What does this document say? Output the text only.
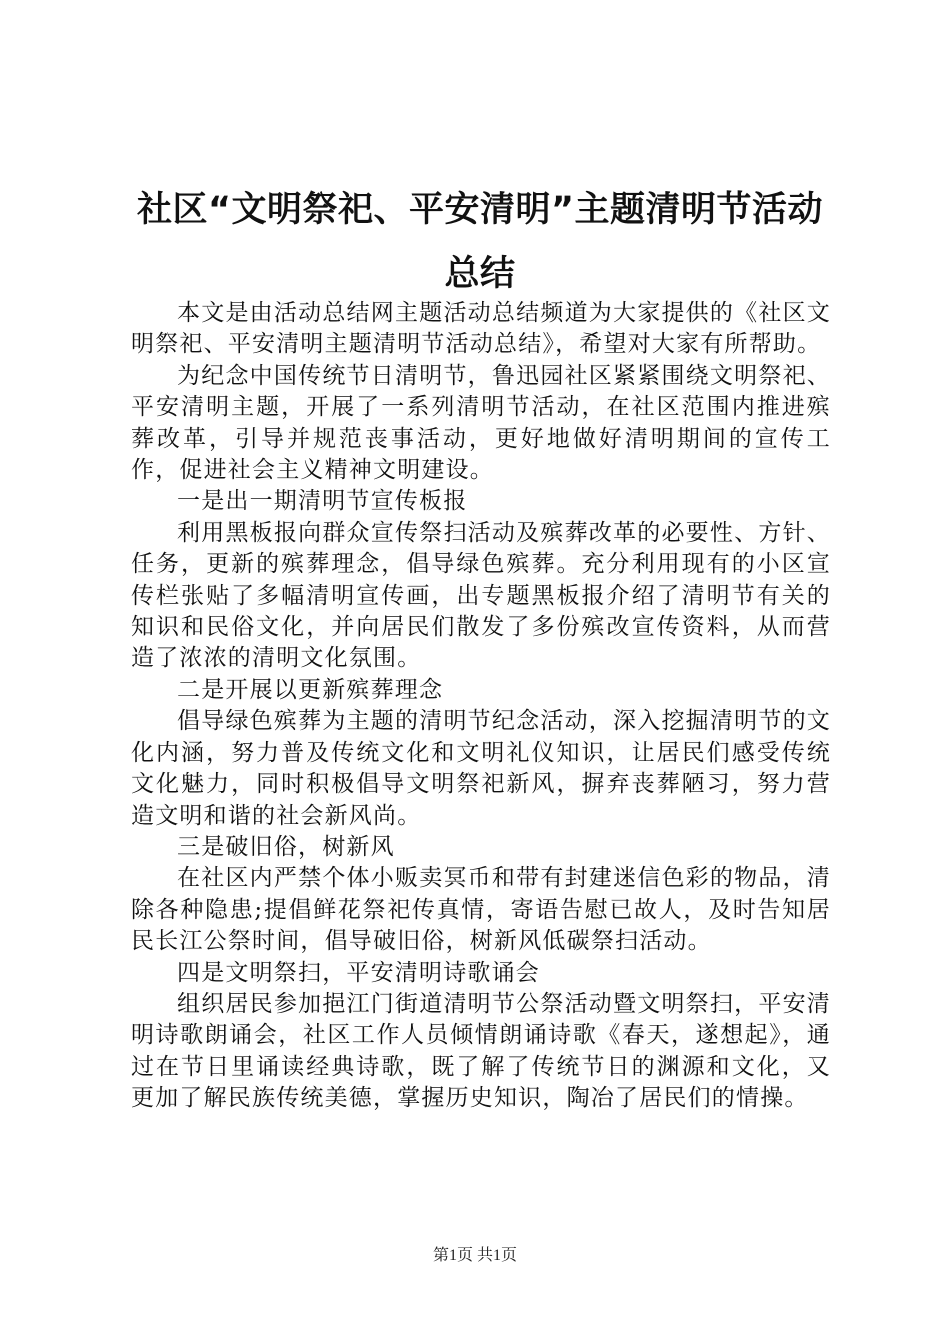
社区“文明祭祀、平安清明”主题清明节活动
总结

本文是由活动总结网主题活动总结频道为大家提供的《社区文明祭祀、平安清明主题清明节活动总结》，希望对大家有所帮助。

为纪念中国传统节日清明节，鲁迅园社区紧紧围绕文明祭祀、平安清明主题，开展了一系列清明节活动，在社区范围内推进殡葬改革，引导并规范丧事活动，更好地做好清明期间的宣传工作，促进社会主义精神文明建设。

一是出一期清明节宣传板报

利用黑板报向群众宣传祭扫活动及殡葬改革的必要性、方针、任务，更新的殡葬理念，倡导绿色殡葬。充分利用现有的小区宣传栏张贴了多幅清明宣传画，出专题黑板报介绍了清明节有关的知识和民俗文化，并向居民们散发了多份殡改宣传资料，从而营造了浓浓的清明文化氛围。

二是开展以更新殡葬理念

倡导绿色殡葬为主题的清明节纪念活动，深入挖掘清明节的文化内涵，努力普及传统文化和文明礼仪知识，让居民们感受传统文化魅力，同时积极倡导文明祭祀新风，摒弃丧葬陋习，努力营造文明和谐的社会新风尚。

三是破旧俗，树新风

在社区内严禁个体小贩卖冥币和带有封建迷信色彩的物品，清除各种隐患;提倡鲜花祭祀传真情，寄语告慰已故人，及时告知居民长江公祭时间，倡导破旧俗，树新风低碳祭扫活动。

四是文明祭扫，平安清明诗歌诵会

组织居民参加挹江门街道清明节公祭活动暨文明祭扫，平安清明诗歌朗诵会，社区工作人员倾情朗诵诗歌《春天，遂想起》，通过在节日里诵读经典诗歌，既了解了传统节日的渊源和文化，又更加了解民族传统美德，掌握历史知识，陶冶了居民们的情操。

第1页 共1页
